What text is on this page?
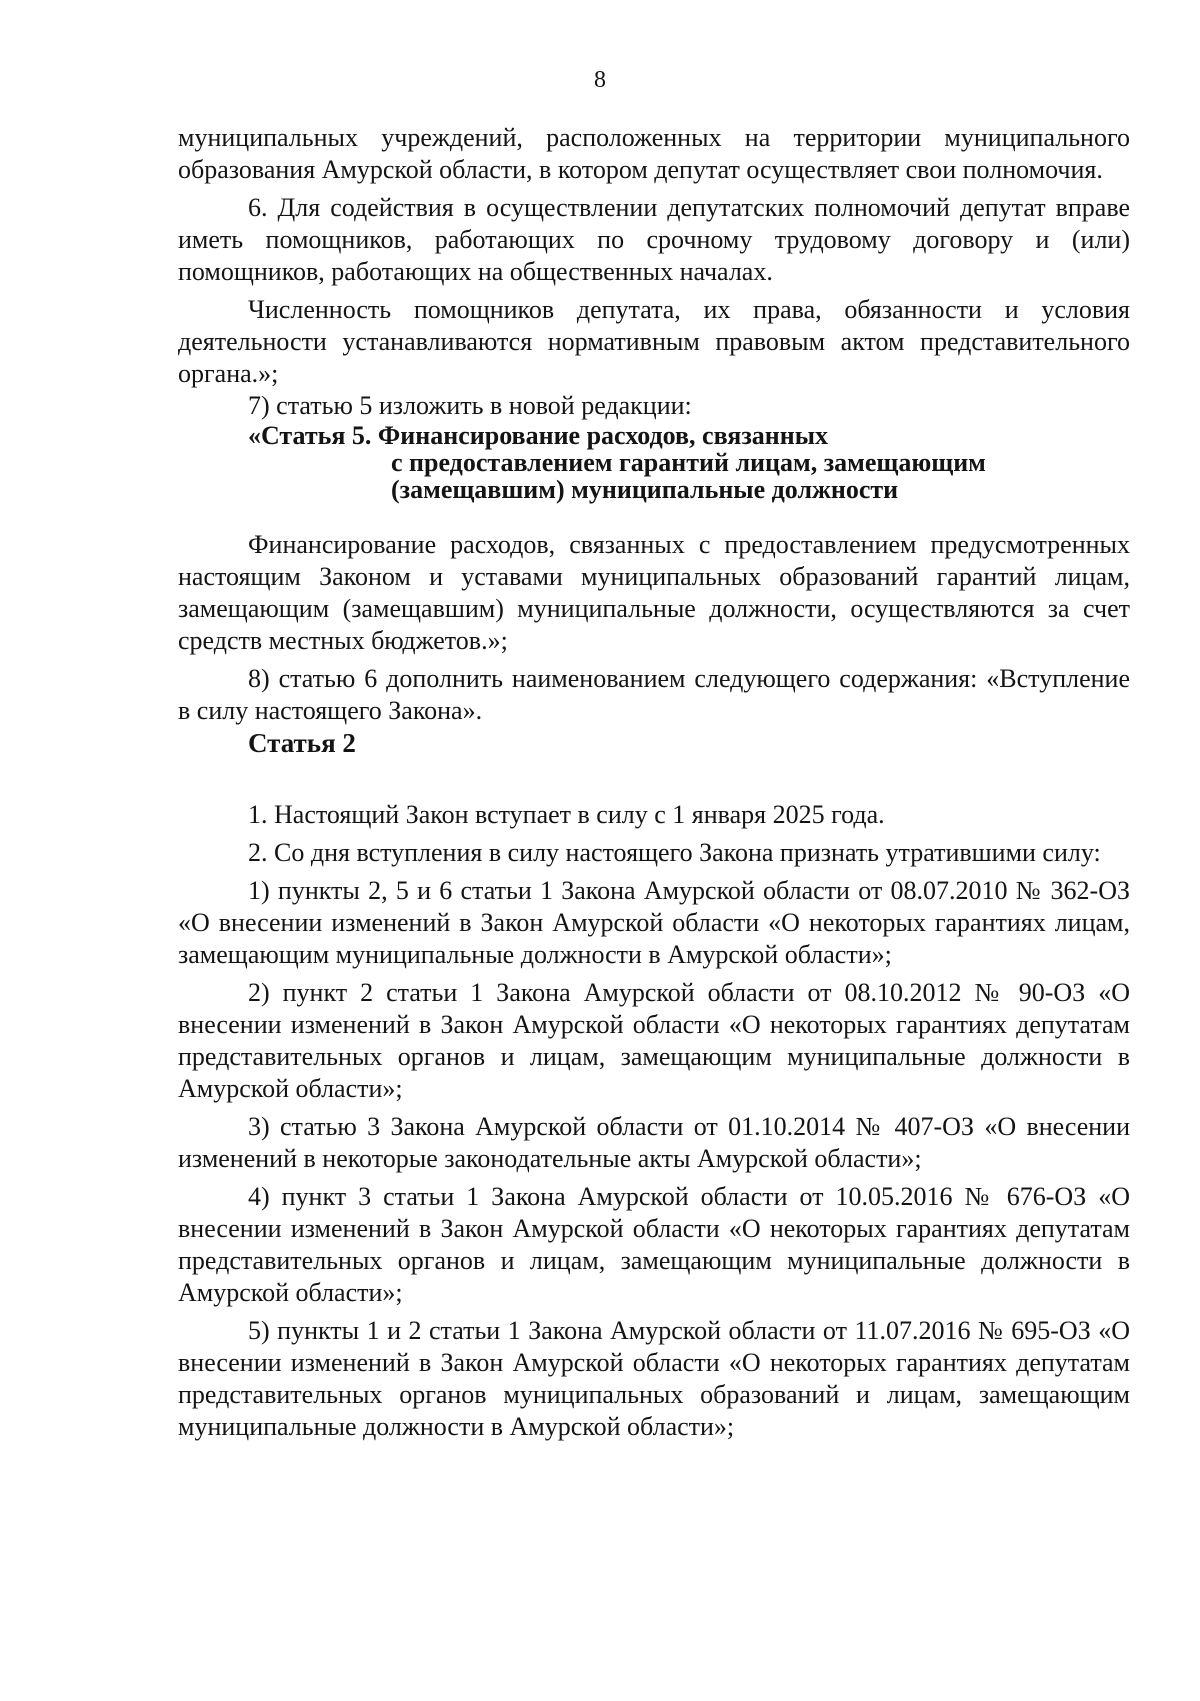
8

муниципальных учреждений, расположенных на территории муниципального образования Амурской области, в котором депутат осуществляет свои полномочия.

6. Для содействия в осуществлении депутатских полномочий депутат вправе иметь помощников, работающих по срочному трудовому договору и (или) помощников, работающих на общественных началах.

Численность помощников депутата, их права, обязанности и условия деятельности устанавливаются нормативным правовым актом представительного органа.»;

7) статью 5 изложить в новой редакции:

«Статья 5. Финансирование расходов, связанных
с предоставлением гарантий лицам, замещающим
(замещавшим) муниципальные должности

Финансирование расходов, связанных с предоставлением предусмотренных настоящим Законом и уставами муниципальных образований гарантий лицам, замещающим (замещавшим) муниципальные должности, осуществляются за счет средств местных бюджетов.»;

8) статью 6 дополнить наименованием следующего содержания: «Вступление в силу настоящего Закона».

Статья 2

1. Настоящий Закон вступает в силу с 1 января 2025 года.

2. Со дня вступления в силу настоящего Закона признать утратившими силу:

1) пункты 2, 5 и 6 статьи 1 Закона Амурской области от 08.07.2010 № 362-ОЗ «О внесении изменений в Закон Амурской области «О некоторых гарантиях лицам, замещающим муниципальные должности в Амурской области»;

2) пункт 2 статьи 1 Закона Амурской области от 08.10.2012 № 90-ОЗ «О внесении изменений в Закон Амурской области «О некоторых гарантиях депутатам представительных органов и лицам, замещающим муниципальные должности в Амурской области»;

3) статью 3 Закона Амурской области от 01.10.2014 № 407-ОЗ «О внесении изменений в некоторые законодательные акты Амурской области»;

4) пункт 3 статьи 1 Закона Амурской области от 10.05.2016 № 676-ОЗ «О внесении изменений в Закон Амурской области «О некоторых гарантиях депутатам представительных органов и лицам, замещающим муниципальные должности в Амурской области»;

5) пункты 1 и 2 статьи 1 Закона Амурской области от 11.07.2016 № 695-ОЗ «О внесении изменений в Закон Амурской области «О некоторых гарантиях депутатам представительных органов муниципальных образований и лицам, замещающим муниципальные должности в Амурской области»;
